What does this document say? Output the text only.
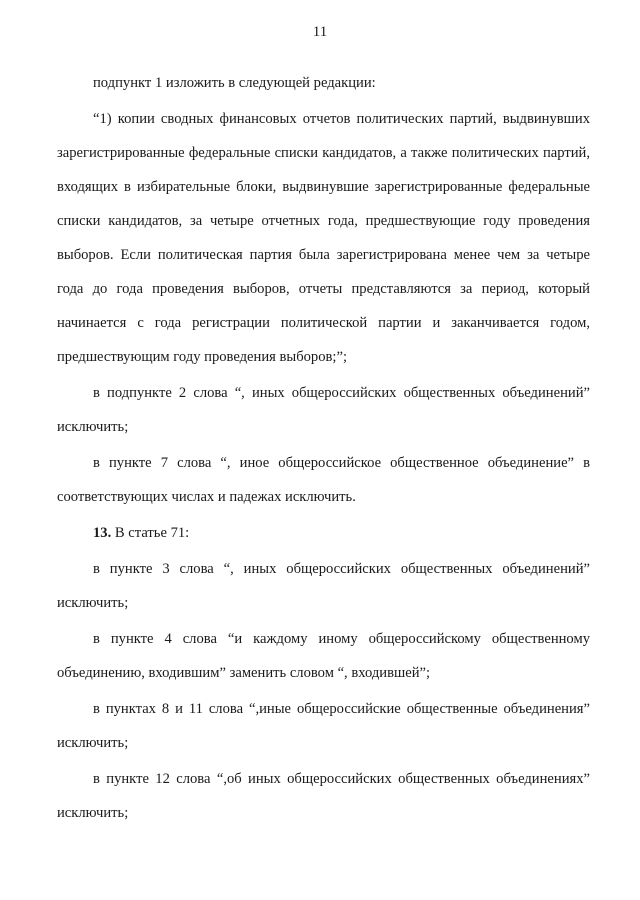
11

подпункт 1 изложить в следующей редакции:

“1) копии сводных финансовых отчетов политических партий, выдвинувших зарегистрированные федеральные списки кандидатов, а также политических партий, входящих в избирательные блоки, выдвинувшие зарегистрированные федеральные списки кандидатов, за четыре отчетных года, предшествующие году проведения выборов. Если политическая партия была зарегистрирована менее чем за четыре года до года проведения выборов, отчеты представляются за период, который начинается с года регистрации политической партии и заканчивается годом, предшествующим году проведения выборов;”;

в подпункте 2 слова “, иных общероссийских общественных объединений” исключить;

в пункте 7 слова “, иное общероссийское общественное объединение” в соответствующих числах и падежах исключить.

13. В статье 71:

в пункте 3 слова “, иных общероссийских общественных объединений” исключить;

в пункте 4 слова “и каждому иному общероссийскому общественному объединению, входившим” заменить словом “, входившей”;

в пунктах 8 и 11 слова “,иные общероссийские общественные объединения” исключить;

в пункте 12 слова “,об иных общероссийских общественных объединениях” исключить;
